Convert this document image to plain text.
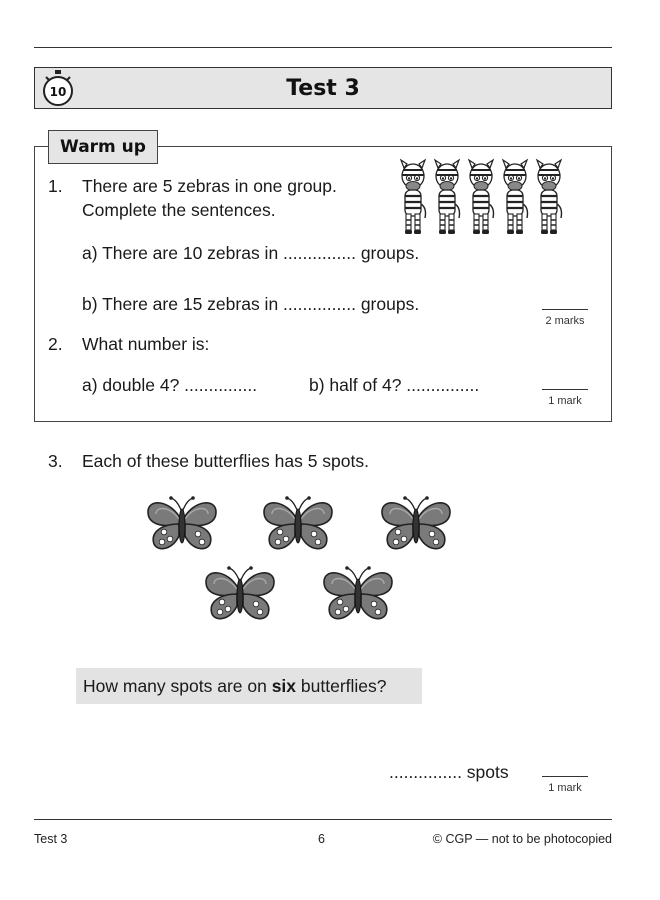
10	Test 3
Warm up
1. There are 5 zebras in one group.
Complete the sentences.
a) There are 10 zebras in ............... groups.
b) There are 15 zebras in ............... groups.
2 marks
2. What number is:
a) double 4? ...............	b) half of 4? ...............
1 mark
3. Each of these butterflies has 5 spots.
How many spots are on six butterflies?
............... spots
1 mark
Test 3	6	© CGP — not to be photocopied
